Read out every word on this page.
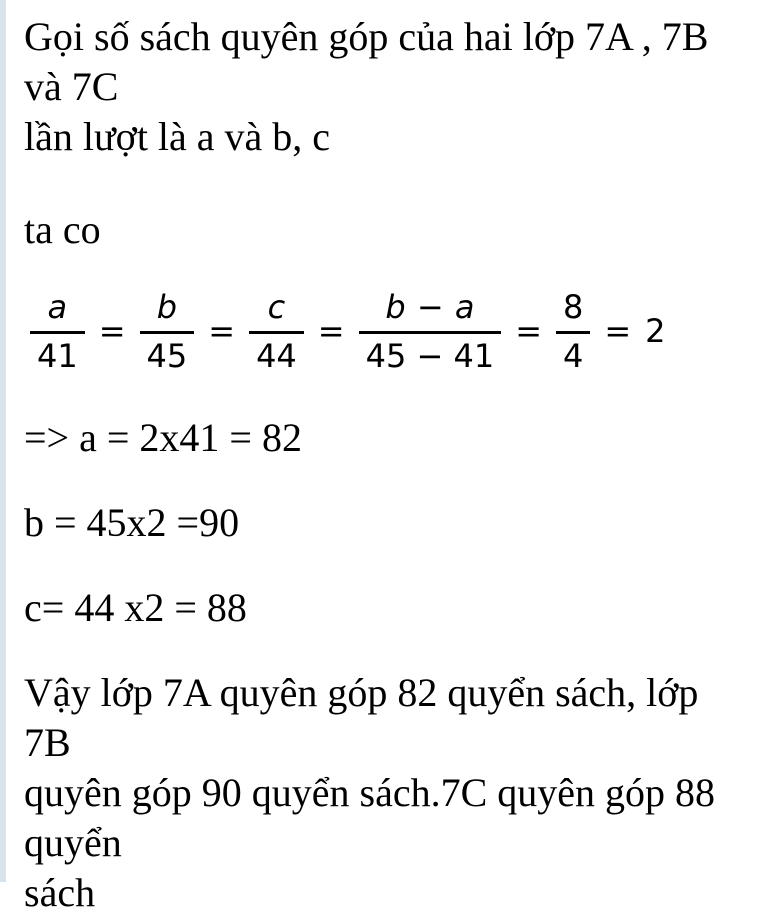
Gọi số sách quyên góp của hai lớp 7A , 7B và 7C
lần lượt là a và b, c

ta co

$\frac{a}{41} = \frac{b}{45} = \frac{c}{44} = \frac{b - a}{45 - 41} = \frac{8}{4} = 2$

=> a = 2x41 = 82

b = 45x2 =90

c= 44 x2 = 88

Vậy lớp 7A quyên góp 82 quyển sách, lớp 7B
quyên góp 90 quyển sách.7C quyên góp 88 quyển
sách
